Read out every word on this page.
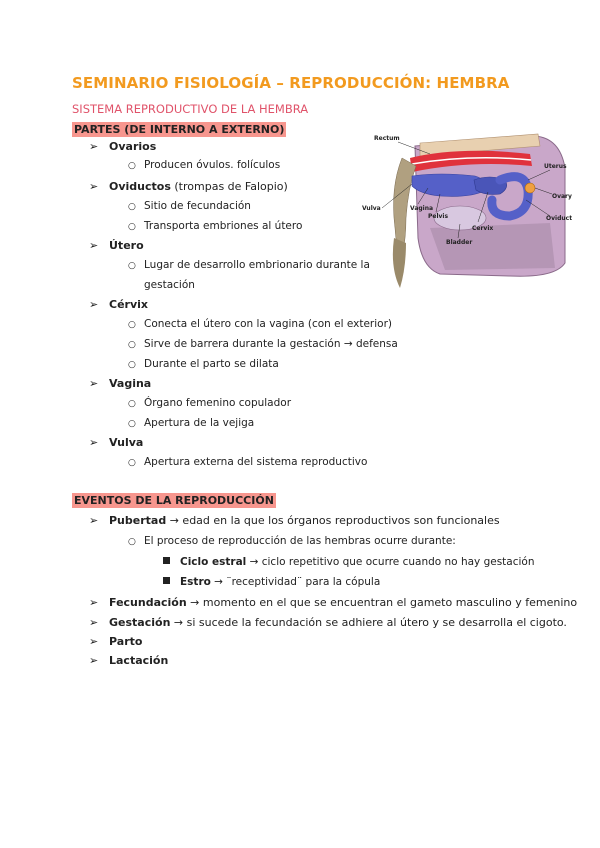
SEMINARIO FISIOLOGÍA – REPRODUCCIÓN: HEMBRA
SISTEMA REPRODUCTIVO DE LA HEMBRA
PARTES (DE INTERNO A EXTERNO)
➢ Ovarios
○ Producen óvulos. folículos
➢ Oviductos (trompas de Falopio)
○ Sitio de fecundación
○ Transporta embriones al útero
➢ Útero
○ Lugar de desarrollo embrionario durante la
gestación
➢ Cérvix
○ Conecta el útero con la vagina (con el exterior)
○ Sirve de barrera durante la gestación → defensa
○ Durante el parto se dilata
➢ Vagina
○ Órgano femenino copulador
○ Apertura de la vejiga
➢ Vulva
○ Apertura externa del sistema reproductivo
Rectum
Uterus
Ovary
Oviduct
Vulva	Vagina
Pelvis
Cervix
Bladder
EVENTOS DE LA REPRODUCCIÓN
➢ Pubertad → edad en la que los órganos reproductivos son funcionales
○ El proceso de reproducción de las hembras ocurre durante:
Ciclo estral → ciclo repetitivo que ocurre cuando no hay gestación
Estro → ¨receptividad¨ para la cópula
➢ Fecundación → momento en el que se encuentran el gameto masculino y femenino
➢ Gestación → si sucede la fecundación se adhiere al útero y se desarrolla el cigoto.
➢ Parto
➢ Lactación
